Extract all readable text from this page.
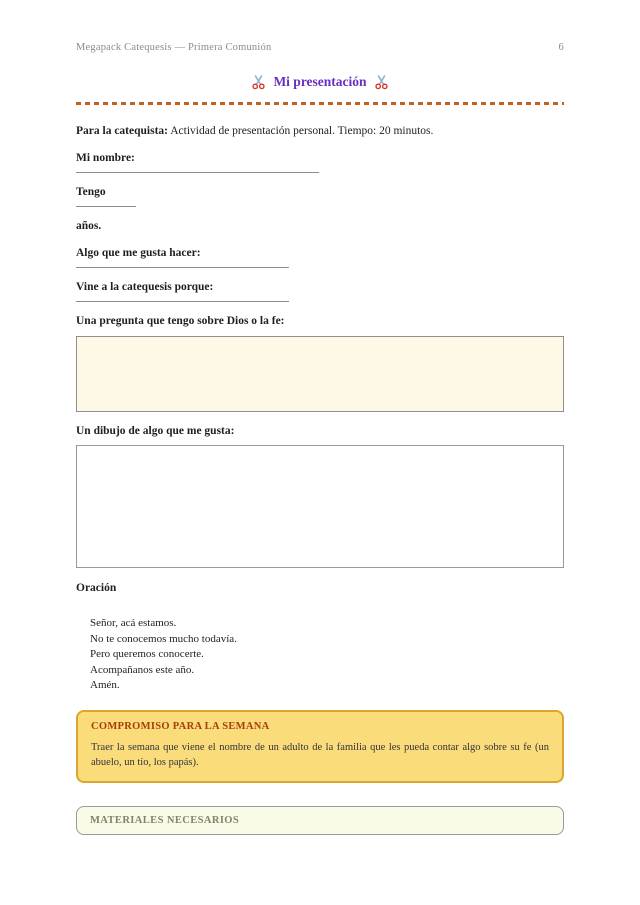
Megapack Catequesis — Primera Comunión	6
Mi presentación
Para la catequista: Actividad de presentación personal. Tiempo: 20 minutos.
Mi nombre:
Tengo
años.
Algo que me gusta hacer:
Vine a la catequesis porque:
Una pregunta que tengo sobre Dios o la fe:
Un dibujo de algo que me gusta:
Oración
Señor, acá estamos.
No te conocemos mucho todavía.
Pero queremos conocerte.
Acompañanos este año.
Amén.
COMPROMISO PARA LA SEMANA
Traer la semana que viene el nombre de un adulto de la familia que les pueda contar algo sobre su fe (un abuelo, un tío, los papás).
MATERIALES NECESARIOS
